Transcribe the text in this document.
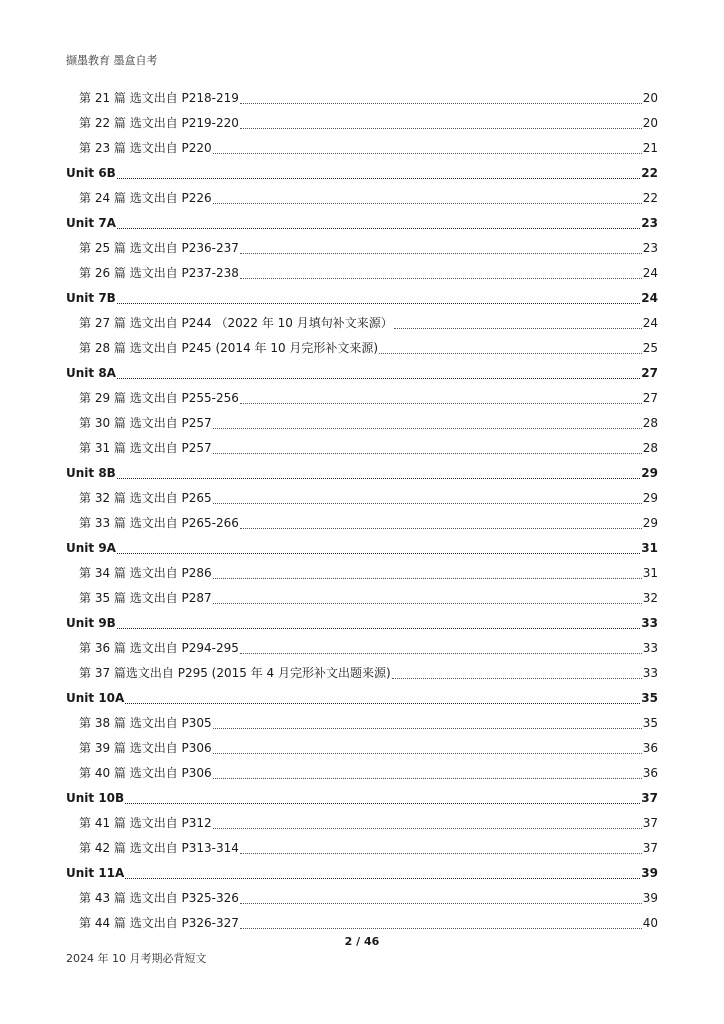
撷墨教育 墨盒自考
第 21 篇 选文出自 P218-219	20
第 22 篇 选文出自 P219-220	20
第 23 篇 选文出自 P220	21
Unit 6B	22
第 24 篇 选文出自 P226	22
Unit 7A	23
第 25 篇 选文出自 P236-237	23
第 26 篇 选文出自 P237-238	24
Unit 7B	24
第 27 篇 选文出自 P244 （2022 年 10 月填句补文来源）	24
第 28 篇 选文出自 P245 (2014 年 10 月完形补文来源)	25
Unit 8A	27
第 29 篇 选文出自 P255-256	27
第 30 篇 选文出自 P257	28
第 31 篇 选文出自 P257	28
Unit 8B	29
第 32 篇 选文出自 P265	29
第 33 篇 选文出自 P265-266	29
Unit 9A	31
第 34 篇 选文出自 P286	31
第 35 篇 选文出自 P287	32
Unit 9B	33
第 36 篇 选文出自 P294-295	33
第 37 篇选文出自 P295 (2015 年 4 月完形补文出题来源)	33
Unit 10A	35
第 38 篇 选文出自 P305	35
第 39 篇 选文出自 P306	36
第 40 篇 选文出自 P306	36
Unit 10B	37
第 41 篇 选文出自 P312	37
第 42 篇 选文出自 P313-314	37
Unit 11A	39
第 43 篇 选文出自 P325-326	39
第 44 篇 选文出自 P326-327	40
2 / 46
2024 年 10 月考期必背短文
